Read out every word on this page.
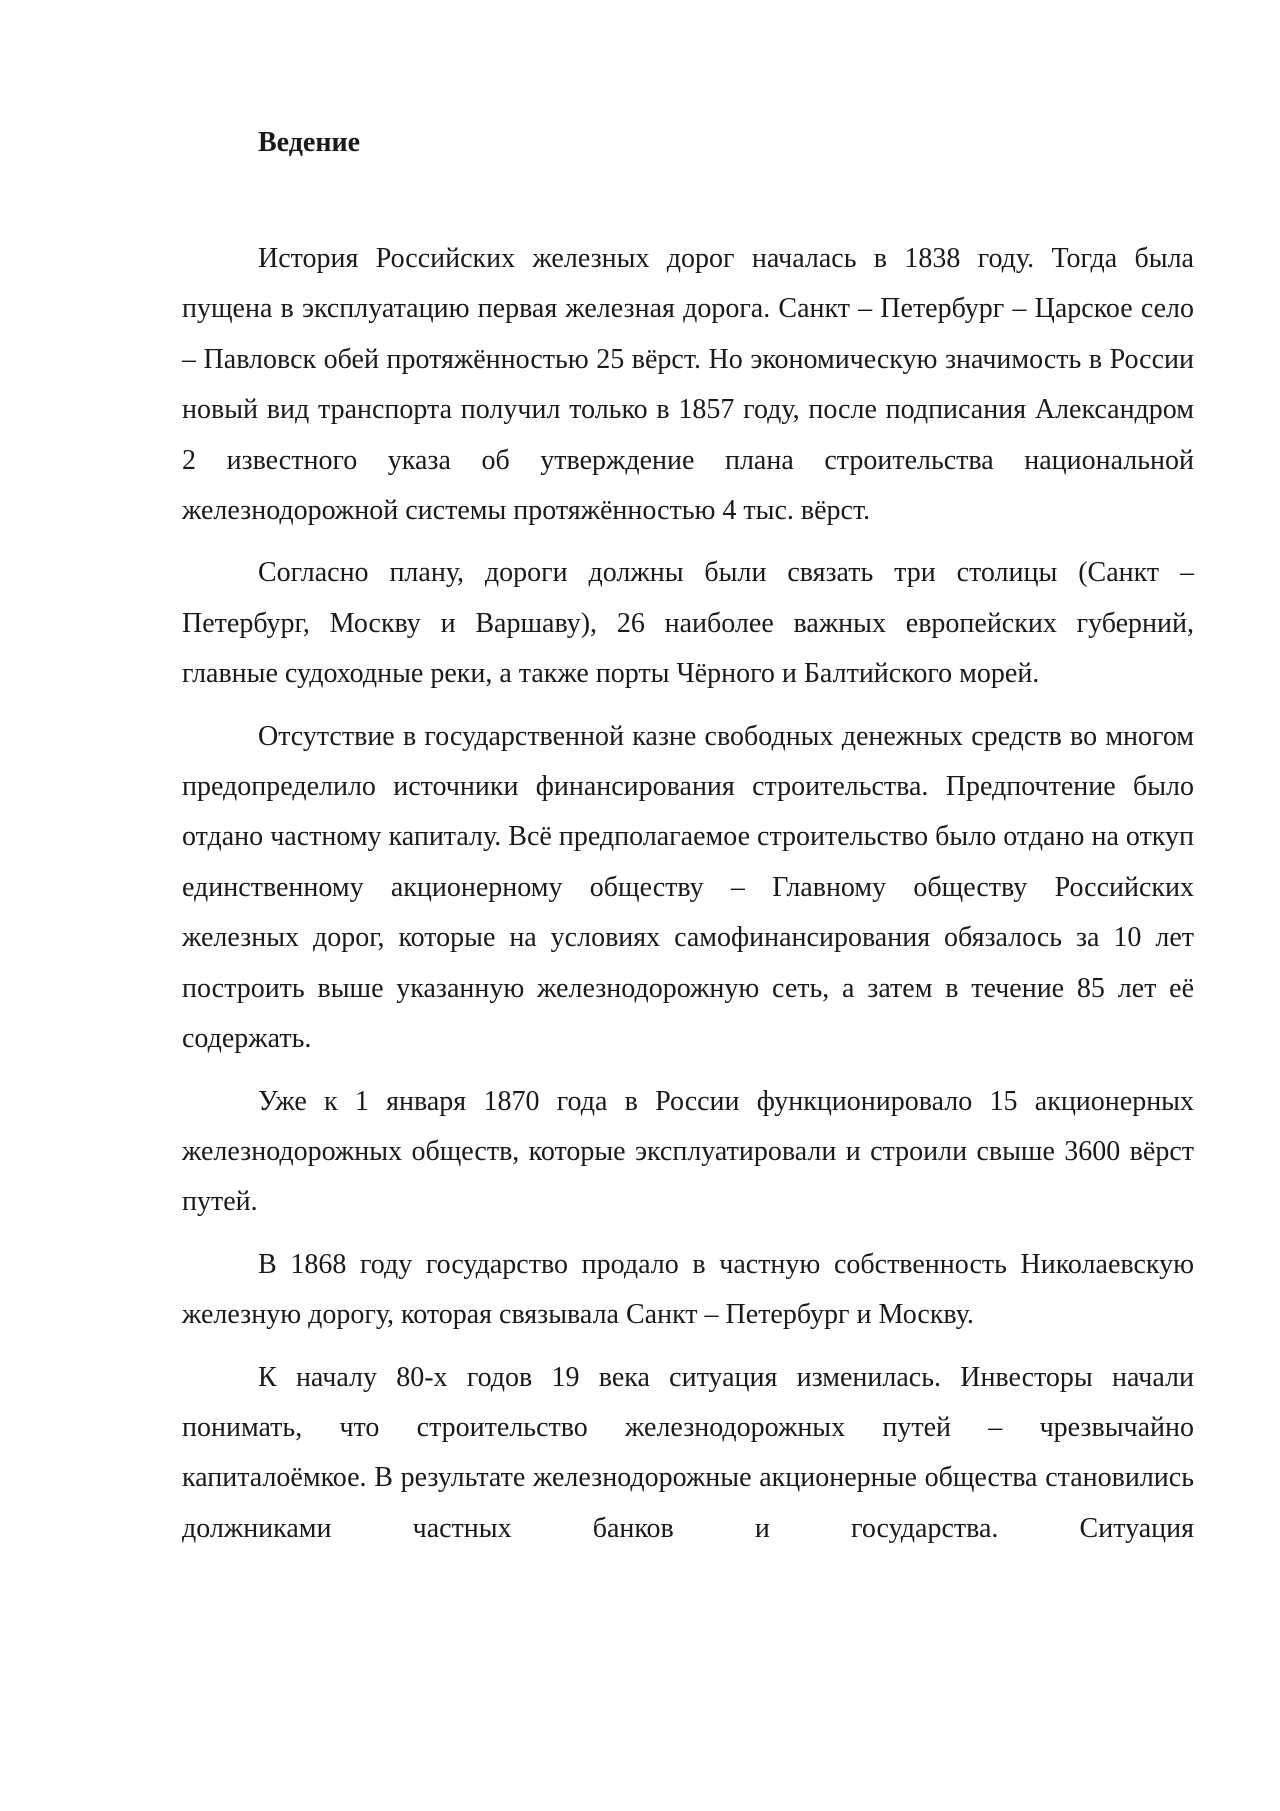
Ведение

История Российских железных дорог началась в 1838 году. Тогда была пущена в эксплуатацию первая железная дорога. Санкт – Петербург – Царское село – Павловск обей протяжённостью 25 вёрст. Но экономическую значимость в России новый вид транспорта получил только в 1857 году, после подписания Александром 2 известного указа об утверждение плана строительства национальной железнодорожной системы протяжённостью 4 тыс. вёрст.

Согласно плану, дороги должны были связать три столицы (Санкт – Петербург, Москву и Варшаву), 26 наиболее важных европейских губерний, главные судоходные реки, а также порты Чёрного и Балтийского морей.

Отсутствие в государственной казне свободных денежных средств во многом предопределило источники финансирования строительства. Предпочтение было отдано частному капиталу. Всё предполагаемое строительство было отдано на откуп единственному акционерному обществу – Главному обществу Российских железных дорог, которые на условиях самофинансирования обязалось за 10 лет построить выше указанную железнодорожную сеть, а затем в течение 85 лет её содержать.

Уже к 1 января 1870 года в России функционировало 15 акционерных железнодорожных обществ, которые эксплуатировали и строили свыше 3600 вёрст путей.

В 1868 году государство продало в частную собственность Николаевскую железную дорогу, которая связывала Санкт – Петербург и Москву.

К началу 80-х годов 19 века ситуация изменилась. Инвесторы начали понимать, что строительство железнодорожных путей – чрезвычайно капиталоёмкое. В результате железнодорожные акционерные общества становились должниками частных банков и государства. Ситуация
